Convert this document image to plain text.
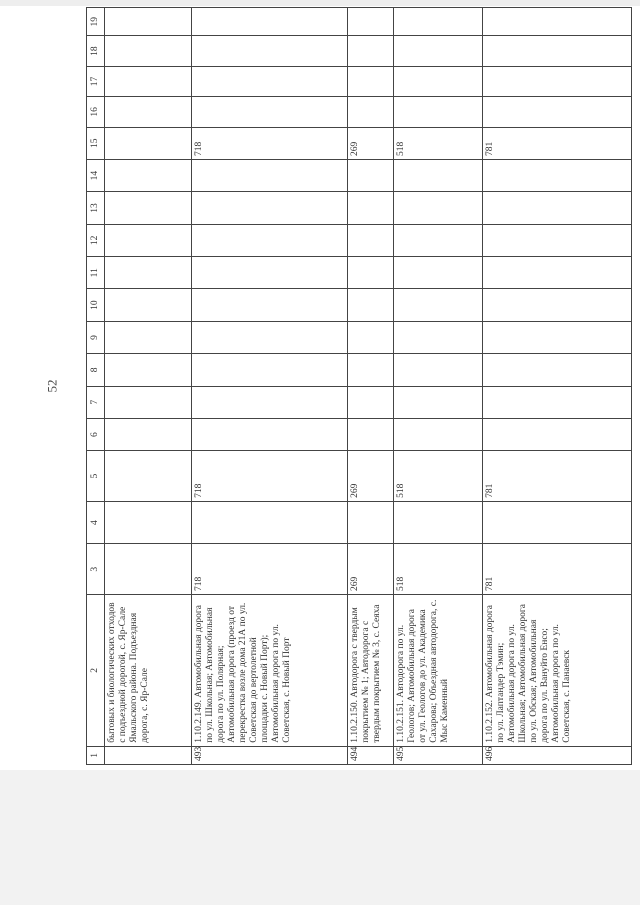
52
1	2	3	4	5	6	7	8	9	10	11	12	13	14	15	16	17	18	19
	бытовых и биологических отходов с подъездной дорогой, с. Яр-Сале Ямальского района. Подъездная дорога, с. Яр-Сале																	
493	1.10.2.149. Автомобильная дорога по ул. Школьная; Автомобильная дорога по ул. Полярная; Автомобильная дорога (проезд от перекрестка возле дома 21А по ул. Советская до вертолетной площадки с. Новый Порт); Автомобильная дорога по ул. Советская, с. Новый Порт	718		718										718				
494	1.10.2.150. Автодорога с твердым покрытием № 1; Автодорога с твердым покрытием № 3, с. Сеяха	269		269										269				
495	1.10.2.151. Автодорога по ул. Геологов; Автомобильная дорога от ул. Геологов до ул. Академика Сахарова; Объездная автодорога, с. Мыс Каменный	518		518										518				
496	1.10.2.152. Автомобильная дорога по ул. Лаптандер Тэмин; Автомобильная дорога по ул. Школьная; Автомобильная дорога по ул. Обская; Автомобильная дорога по ул. Вануйто Енсо; Автомобильная дорога по ул. Советская, с. Панаевск	781		781										781				
